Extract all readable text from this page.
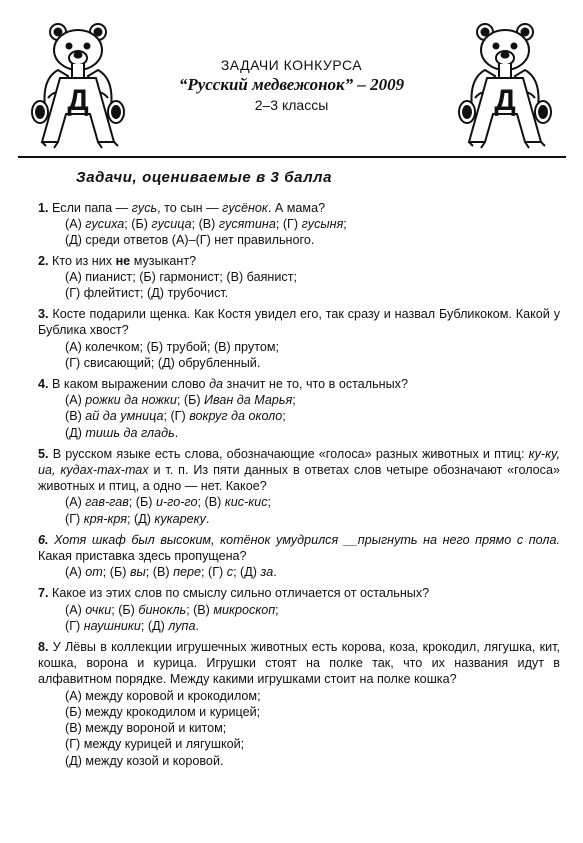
Д	Д
ЗАДАЧИ КОНКУРСА
“Русский медвежонок” – 2009
2–3 классы
Задачи, оцениваемые в 3 балла
1. Если папа — гусь, то сын — гусёнок. А мама?
(А) гусиха; (Б) гусица; (В) гусятина; (Г) гусыня;
(Д) среди ответов (А)–(Г) нет правильного.
2. Кто из них не музыкант?
(А) пианист; (Б) гармонист; (В) баянист;
(Г) флейтист; (Д) трубочист.
3. Косте подарили щенка. Как Костя увидел его, так сразу и назвал Бубликоком. Какой у Бублика хвост?
(А) колечком; (Б) трубой; (В) прутом;
(Г) свисающий; (Д) обрубленный.
4. В каком выражении слово да значит не то, что в остальных?
(А) рожки да ножки; (Б) Иван да Марья;
(В) ай да умница; (Г) вокруг да около;
(Д) тишь да гладь.
5. В русском языке есть слова, обозначающие «голоса» разных животных и птиц: ку-ку, иа, кудах-тах-тах и т. п. Из пяти данных в ответах слов четыре обозначают «голоса» животных и птиц, а одно — нет. Какое?
(А) гав-гав; (Б) и-го-го; (В) кис-кис;
(Г) кря-кря; (Д) кукареку.
6. Хотя шкаф был высоким, котёнок умудрился __прыгнуть на него прямо с пола. Какая приставка здесь пропущена?
(А) от; (Б) вы; (В) пере; (Г) с; (Д) за.
7. Какое из этих слов по смыслу сильно отличается от остальных?
(А) очки; (Б) бинокль; (В) микроскоп;
(Г) наушники; (Д) лупа.
8. У Лёвы в коллекции игрушечных животных есть корова, коза, крокодил, лягушка, кит, кошка, ворона и курица. Игрушки стоят на полке так, что их названия идут в алфавитном порядке. Между какими игрушками стоит на полке кошка?
(А) между коровой и крокодилом;
(Б) между крокодилом и курицей;
(В) между вороной и китом;
(Г) между курицей и лягушкой;
(Д) между козой и коровой.
